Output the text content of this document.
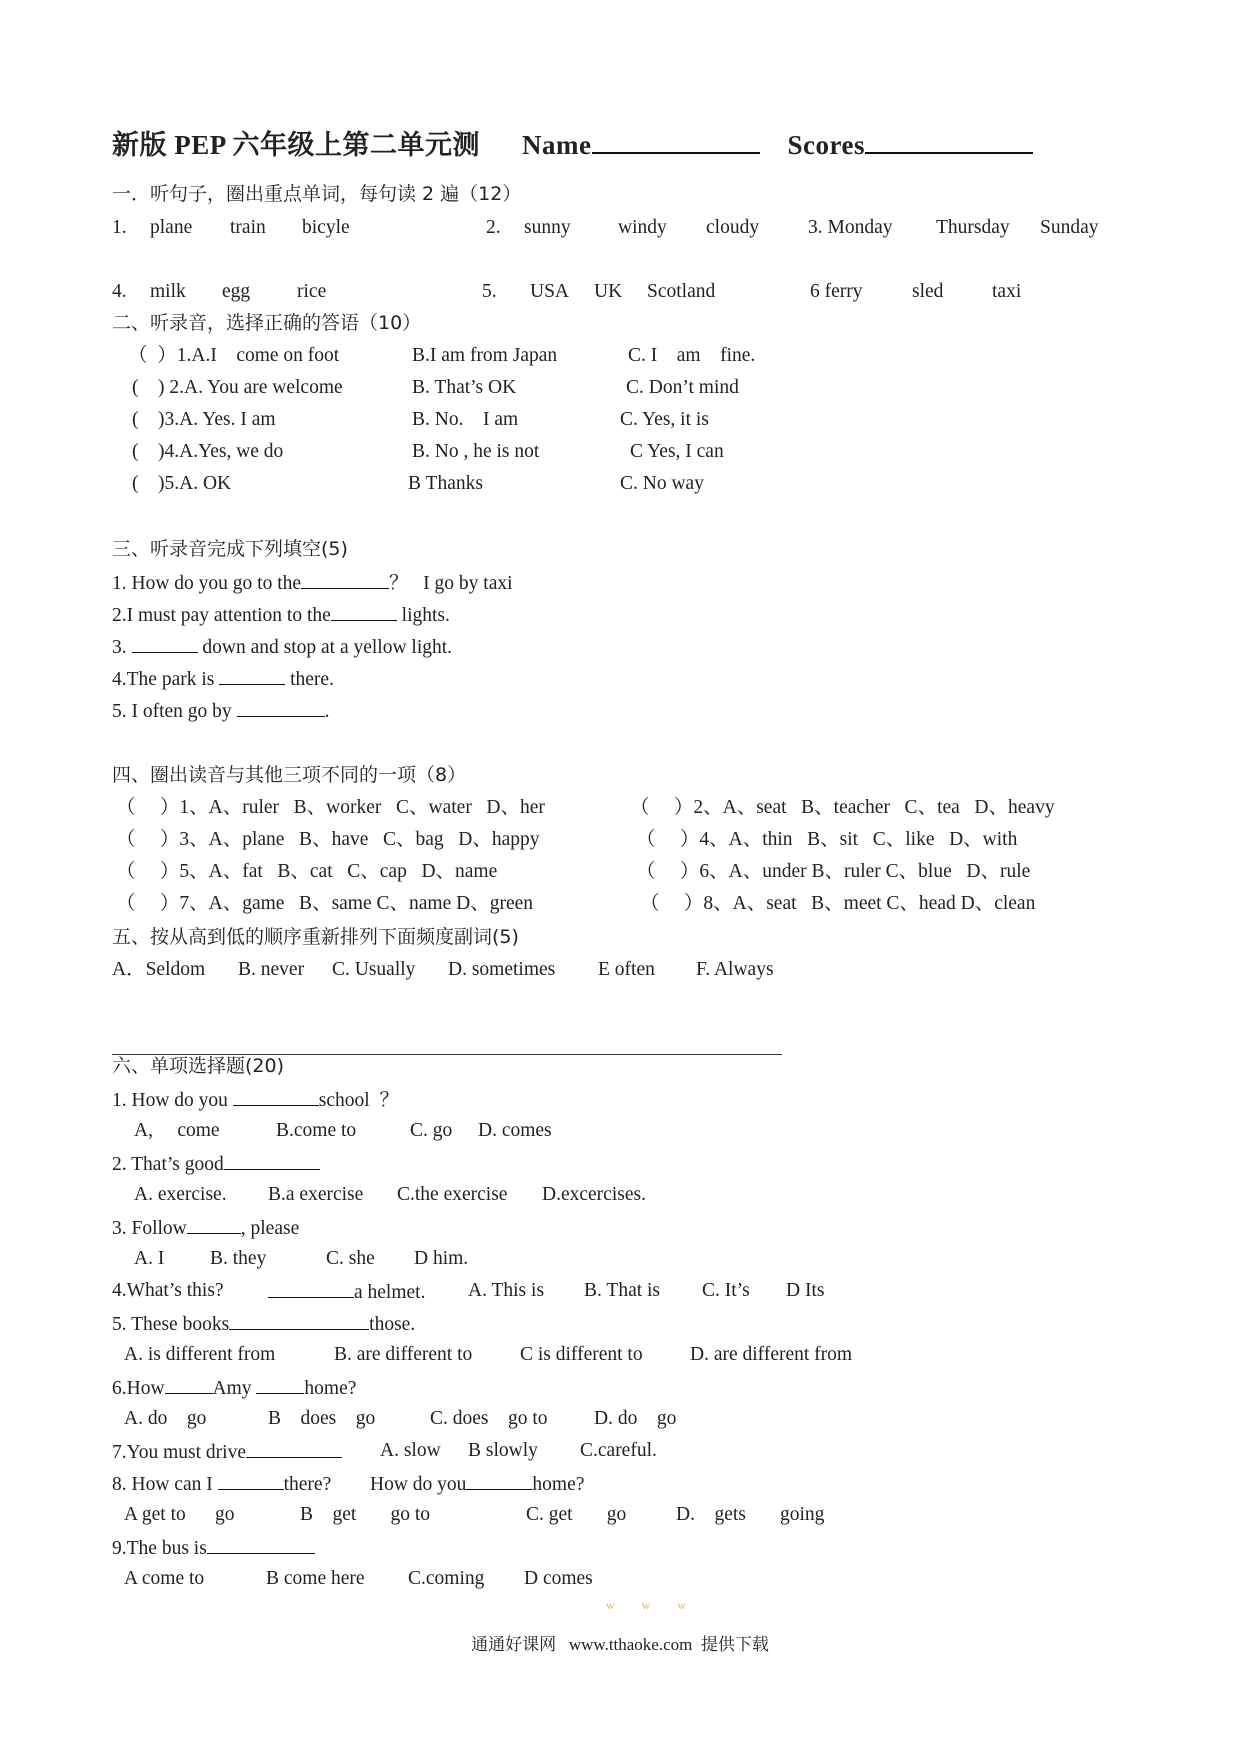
新版 PEP 六年级上第二单元测 Name	Scores
一．听句子，圈出重点单词，每句读 2 遍（12）
1. plane train bicyle	2. sunny windy cloudy	3. Monday Thursday Sunday
4. milk egg rice	5. USA UK Scotland	6 ferry	sled taxi
二、听录音，选择正确的答语（10）
（  ）1.A.I    come on foot	B.I am from Japan	C. I    am    fine.
(    ) 2.A. You are welcome	B. That’s OK	C. Don’t mind
(    )3.A. Yes. I am	B. No.    I am	C. Yes, it is
(    )4.A.Yes, we do	B. No , he is not	C Yes, I can
(    )5.A. OK	B Thanks	C. No way
三、听录音完成下列填空(5)
1. How do you go to the	？   I go by taxi
2.I must pay attention to the	lights.
3.	down and stop at a yellow light.
4.The park is	there.
5. I often go by	.
四、圈出读音与其他三项不同的一项（8）
（     ）1、A、ruler   B、worker   C、water   D、her	（     ）2、A、seat   B、teacher   C、tea   D、heavy
（     ）3、A、plane   B、have   C、bag   D、happy	（     ）4、A、thin   B、sit   C、like   D、with
（     ）5、A、fat   B、cat   C、cap   D、name	（     ）6、A、under B、ruler C、blue   D、rule
（     ）7、A、game   B、same C、name D、green	（     ）8、A、seat   B、meet C、head D、clean
五、按从高到低的顺序重新排列下面频度副词(5)
A．Seldom B. never C. Usually D. sometimes E often F. Always
六、单项选择题(20)
1. How do you	school  ？
A,     come	B.come to	C. go D. comes
2. That’s good
A. exercise. B.a exercise C.the exercise D.excercises.
3. Follow	, please
A. I B. they	C. she D him.
4.What’s this?	a helmet. A. This is B. That is C. It’s D Its
5. These books	those.
A. is different from	B. are different to C is different to D. are different from
6.How Amy home?
A. do    go	B    does    go	C. does    go to D. do    go
7.You must drive	A. slow B slowly C.careful.
8. How can I	there? How do you	home?
A get to      go	B    get       go to	C. get       go	D.    gets       going
9.The bus is
A come to	B come here C.coming D comes
w w w
通通好课网   www.tthaoke.com  提供下载
